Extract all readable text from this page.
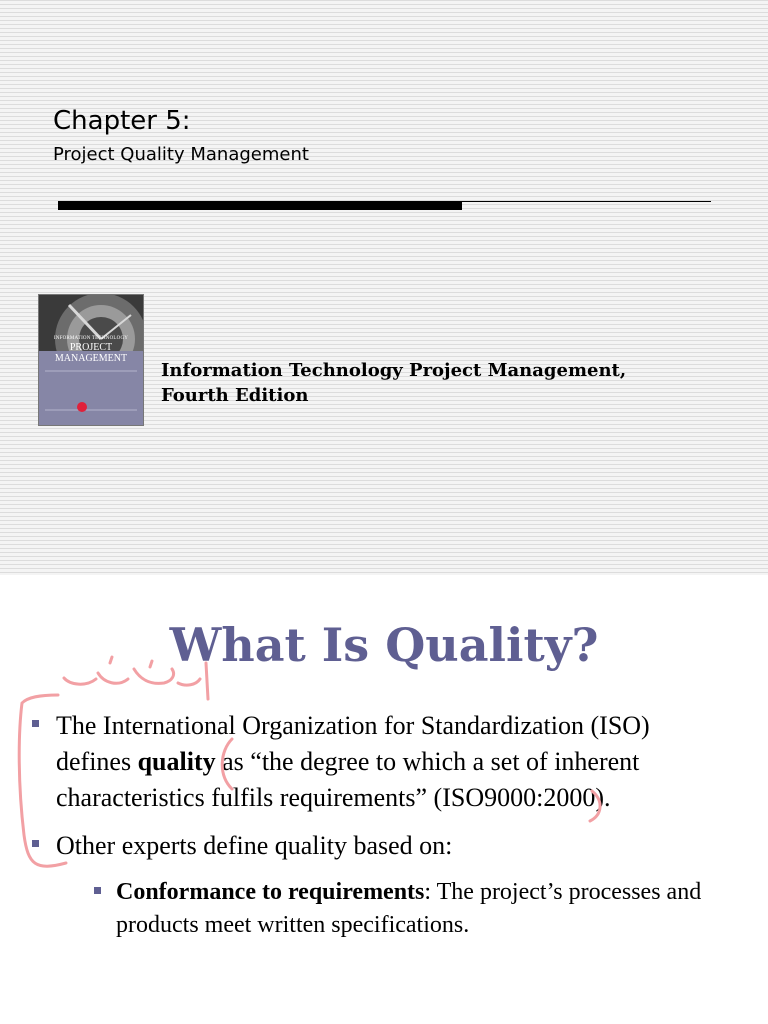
Chapter 5:

Project Quality Management

INFORMATION TECHNOLOGY
PROJECT
MANAGEMENT

Information Technology Project Management,
Fourth Edition

What Is Quality?
The International Organization for Standardization (ISO) defines quality as “the degree to which a set of inherent characteristics fulfils requirements” (ISO9000:2000).
Other experts define quality based on:
Conformance to requirements: The project’s processes and products meet written specifications.
